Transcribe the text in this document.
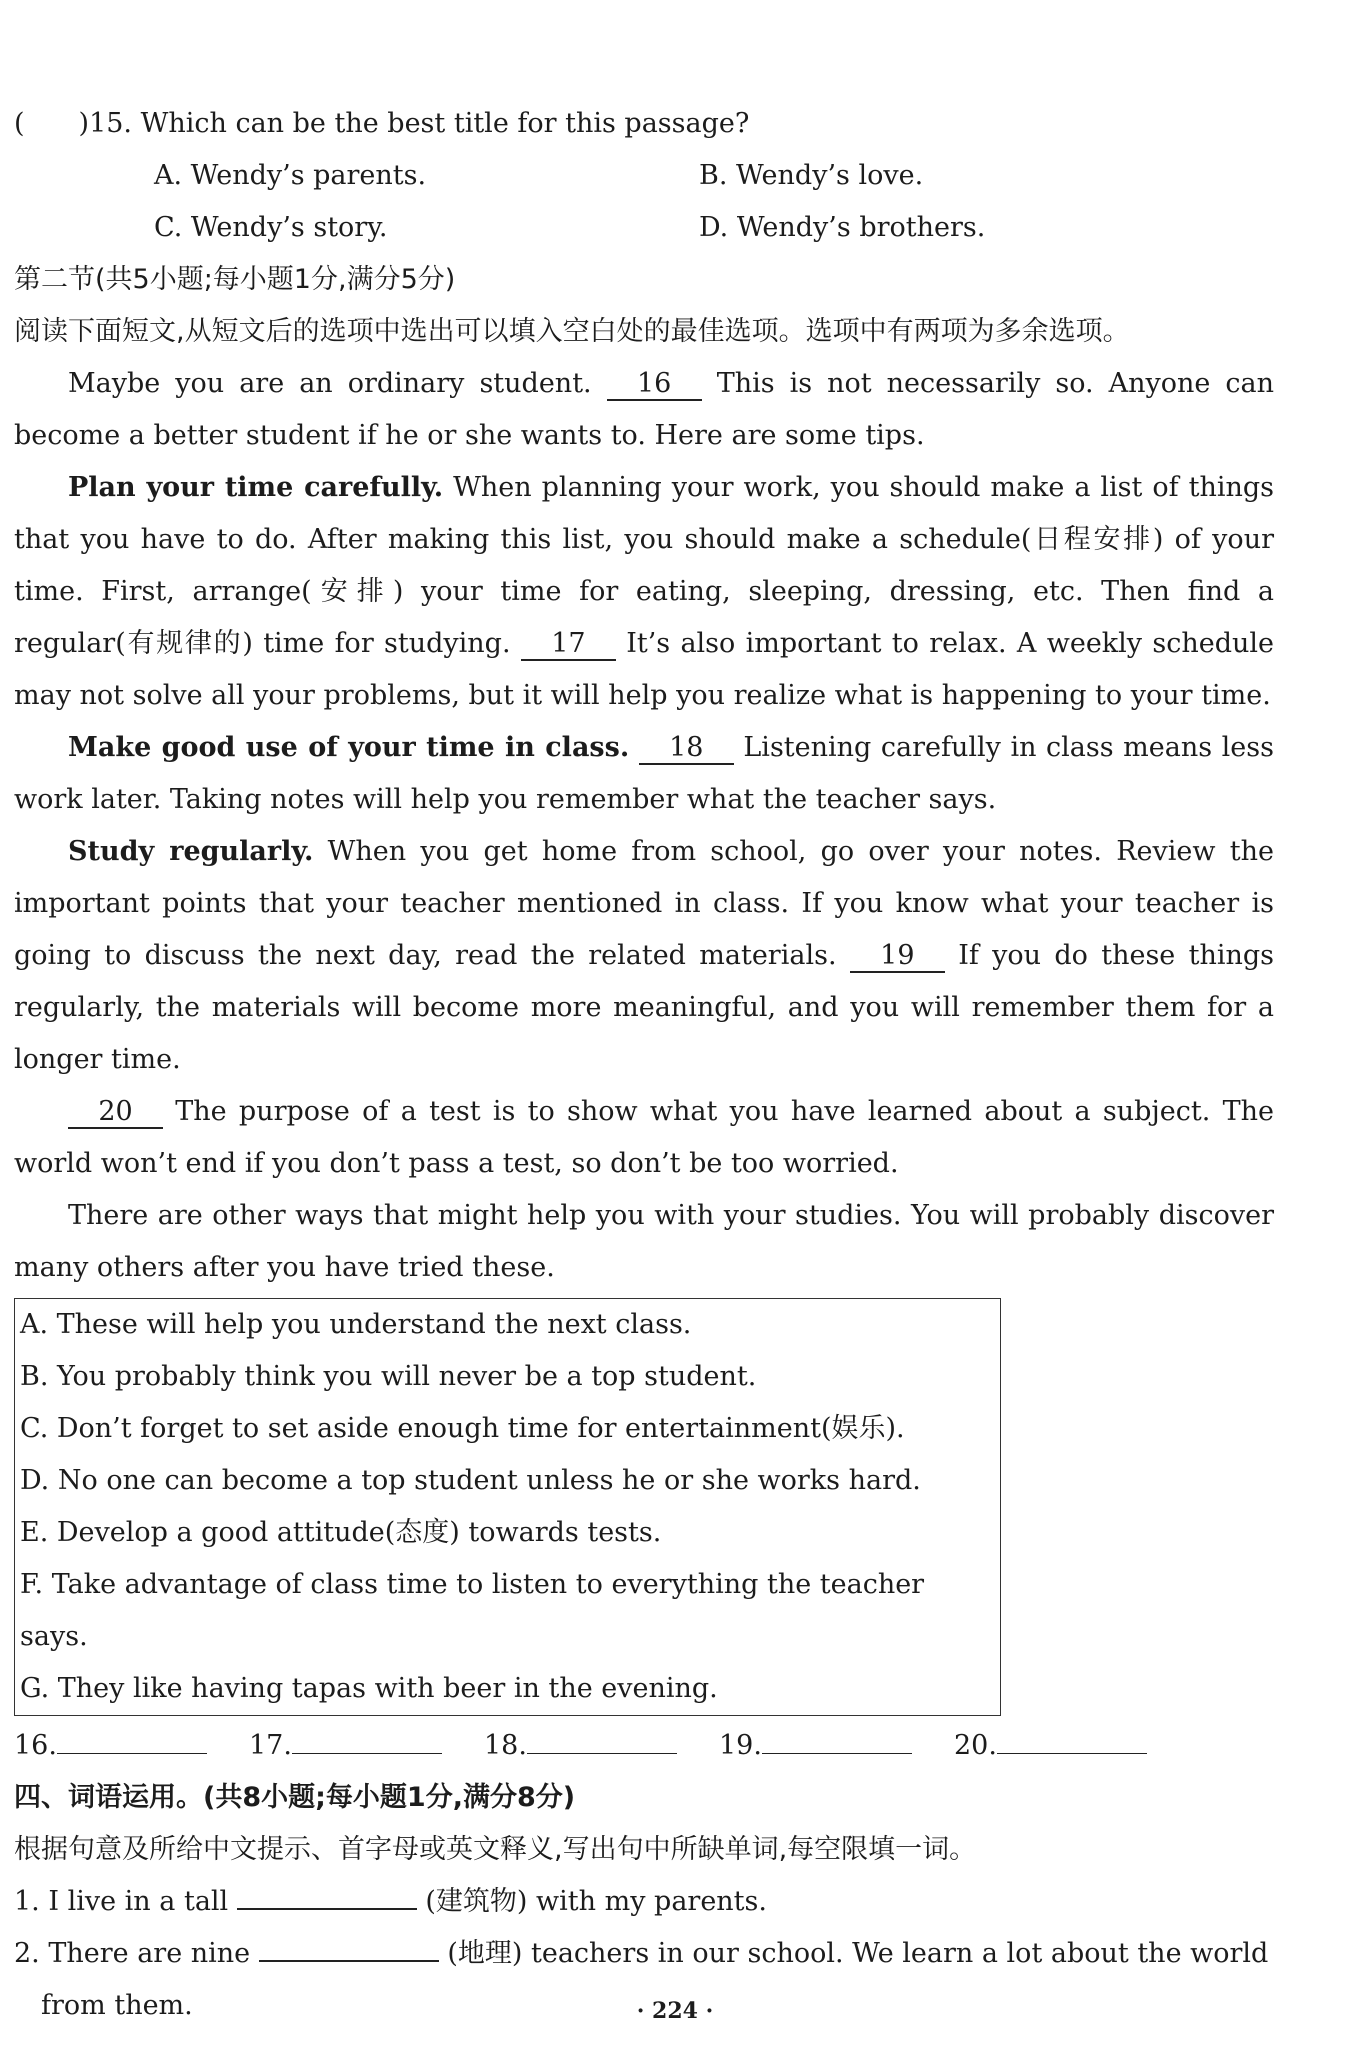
(　　)15. Which can be the best title for this passage?

A. Wendy’s parents.	B. Wendy’s love.
C. Wendy’s story.	D. Wendy’s brothers.

第二节(共5小题;每小题1分,满分5分)

阅读下面短文,从短文后的选项中选出可以填入空白处的最佳选项。选项中有两项为多余选项。

Maybe you are an ordinary student. 16 This is not necessarily so. Anyone can become a better student if he or she wants to. Here are some tips.

Plan your time carefully. When planning your work, you should make a list of things that you have to do. After making this list, you should make a schedule(日程安排) of your time. First, arrange(安排) your time for eating, sleeping, dressing, etc. Then find a regular(有规律的) time for studying. 17 It’s also important to relax. A weekly schedule may not solve all your problems, but it will help you realize what is happening to your time.

Make good use of your time in class. 18 Listening carefully in class means less work later. Taking notes will help you remember what the teacher says.

Study regularly. When you get home from school, go over your notes. Review the important points that your teacher mentioned in class. If you know what your teacher is going to discuss the next day, read the related materials. 19 If you do these things regularly, the materials will become more meaningful, and you will remember them for a longer time.

20 The purpose of a test is to show what you have learned about a subject. The world won’t end if you don’t pass a test, so don’t be too worried.

There are other ways that might help you with your studies. You will probably discover many others after you have tried these.

A. These will help you understand the next class.

B. You probably think you will never be a top student.

C. Don’t forget to set aside enough time for entertainment(娱乐).

D. No one can become a top student unless he or she works hard.

E. Develop a good attitude(态度) towards tests.

F. Take advantage of class time to listen to everything the teacher says.

G. They like having tapas with beer in the evening.

16.	17.	18.	19.	20.

四、词语运用。(共8小题;每小题1分,满分8分)

根据句意及所给中文提示、首字母或英文释义,写出句中所缺单词,每空限填一词。

1. I live in a tall	(建筑物) with my parents.

2. There are nine	(地理) teachers in our school. We learn a lot about the world

from them.	· 224 ·
